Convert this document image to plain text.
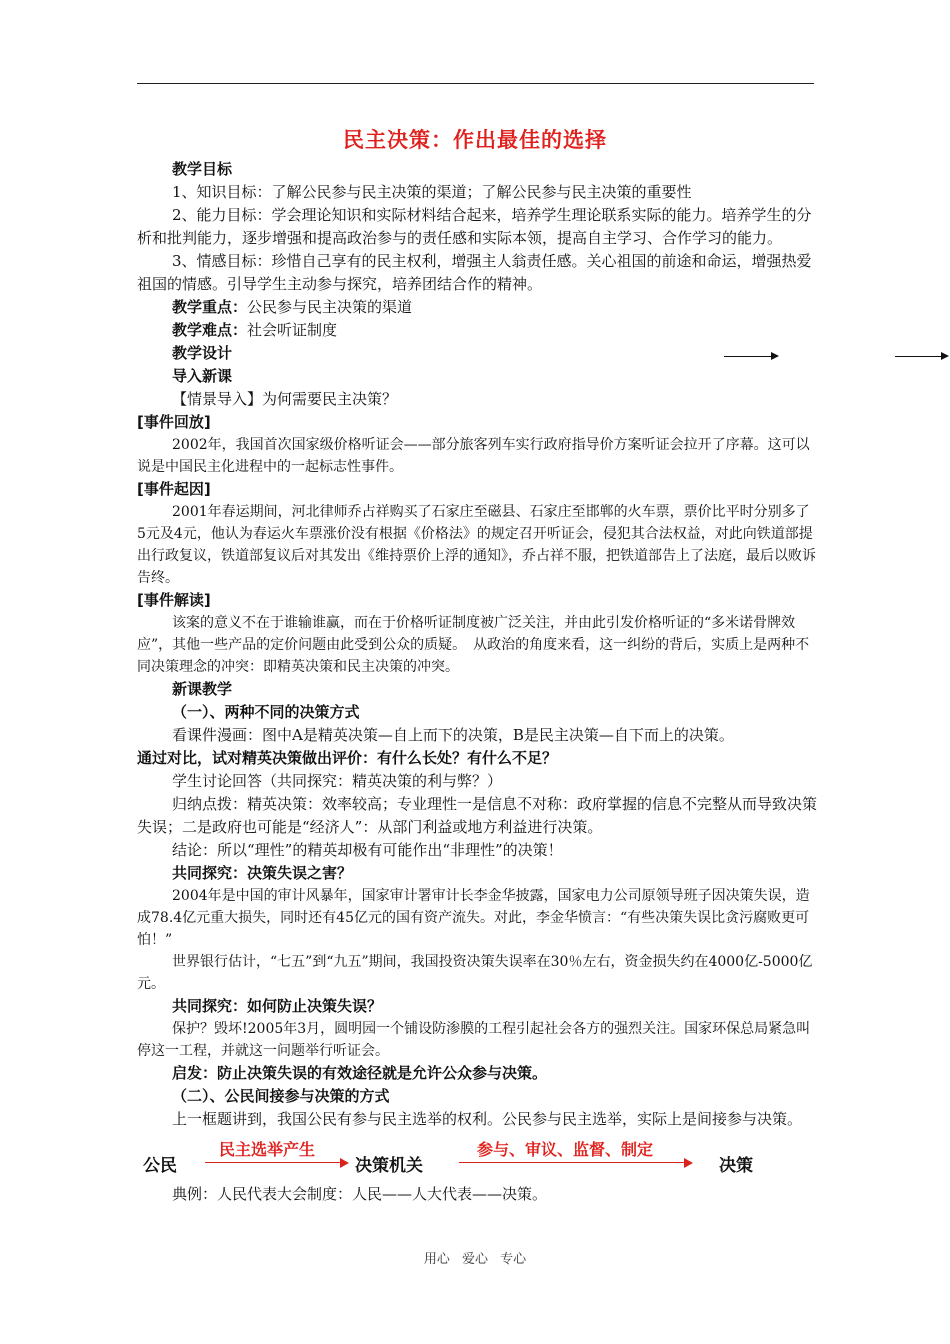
民主决策：作出最佳的选择

教学目标

1、知识目标：了解公民参与民主决策的渠道；了解公民参与民主决策的重要性

2、能力目标：学会理论知识和实际材料结合起来，培养学生理论联系实际的能力。培养学生的分析和批判能力，逐步增强和提高政治参与的责任感和实际本领，提高自主学习、合作学习的能力。

3、情感目标：珍惜自己享有的民主权利，增强主人翁责任感。关心祖国的前途和命运，增强热爱祖国的情感。引导学生主动参与探究，培养团结合作的精神。

教学重点：公民参与民主决策的渠道

教学难点：社会听证制度

教学设计

导入新课

【情景导入】为何需要民主决策？

[事件回放]

2002年，我国首次国家级价格听证会——部分旅客列车实行政府指导价方案听证会拉开了序幕。这可以说是中国民主化进程中的一起标志性事件。

[事件起因]

2001年春运期间，河北律师乔占祥购买了石家庄至磁县、石家庄至邯郸的火车票，票价比平时分别多了5元及4元，他认为春运火车票涨价没有根据《价格法》的规定召开听证会，侵犯其合法权益，对此向铁道部提出行政复议，铁道部复议后对其发出《维持票价上浮的通知》，乔占祥不服，把铁道部告上了法庭，最后以败诉告终。

[事件解读]

该案的意义不在于谁输谁赢，而在于价格听证制度被广泛关注，并由此引发价格听证的“多米诺骨牌效应”，其他一些产品的定价问题由此受到公众的质疑。　从政治的角度来看，这一纠纷的背后，实质上是两种不同决策理念的冲突：即精英决策和民主决策的冲突。

新课教学

（一）、两种不同的决策方式

看课件漫画：图中A是精英决策—自上而下的决策，B是民主决策—自下而上的决策。

通过对比，试对精英决策做出评价：有什么长处？有什么不足？

学生讨论回答（共同探究：精英决策的利与弊？）

归纳点拨：精英决策：效率较高；专业理性一是信息不对称：政府掌握的信息不完整从而导致决策失误；二是政府也可能是“经济人”：从部门利益或地方利益进行决策。

结论：所以“理性”的精英却极有可能作出“非理性”的决策！

共同探究：决策失误之害？

2004年是中国的审计风暴年，国家审计署审计长李金华披露，国家电力公司原领导班子因决策失误，造成78.4亿元重大损失，同时还有45亿元的国有资产流失。对此，李金华愤言：“有些决策失误比贪污腐败更可怕！”

世界银行估计，“七五”到“九五”期间，我国投资决策失误率在30％左右，资金损失约在4000亿-5000亿元。

共同探究：如何防止决策失误？

保护？毁坏!2005年3月，圆明园一个铺设防渗膜的工程引起社会各方的强烈关注。国家环保总局紧急叫停这一工程，并就这一问题举行听证会。

启发：防止决策失误的有效途径就是允许公众参与决策。

（二）、公民间接参与决策的方式

上一框题讲到，我国公民有参与民主选举的权利。公民参与民主选举，实际上是间接参与决策。

公民
民主选举产生
决策机关
参与、审议、监督、制定
决策

典例：人民代表大会制度：人民——人大代表——决策。

用心 爱心 专心
